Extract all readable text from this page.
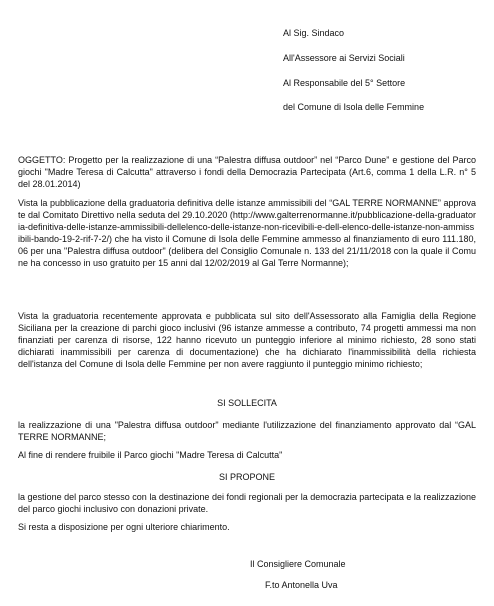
Al Sig. Sindaco
All'Assessore ai Servizi Sociali
Al Responsabile del 5° Settore
del Comune di Isola delle Femmine
OGGETTO: Progetto per la realizzazione di una “Palestra diffusa outdoor” nel “Parco Dune” e gestione del Parco giochi "Madre Teresa di Calcutta" attraverso i fondi della Democrazia Partecipata (Art.6, comma 1 della L.R. n° 5 del 28.01.2014)
Vista la pubblicazione della graduatoria definitiva delle istanze ammissibili del “GAL TERRE NORMANNE” approvate dal Comitato Direttivo nella seduta del 29.10.2020 (http://www.galterrenormanne.it/pubblicazione-della-graduatoria-definitiva-delle-istanze-ammissibili-dellelenco-delle-istanze-non-ricevibili-e-dell-elenco-delle-istanze-non-ammissibili-bando-19-2-rif-7-2/) che ha visto il Comune di Isola delle Femmine ammesso al finanziamento di euro 111.180,06 per una "Palestra diffusa outdoor" (delibera del Consiglio Comunale n. 133 del 21/11/2018 con la quale il Comune ha concesso in uso gratuito per 15 anni dal 12/02/2019 al Gal Terre Normanne);
Vista la graduatoria recentemente approvata e pubblicata sul sito dell'Assessorato alla Famiglia della Regione Siciliana per la creazione di parchi gioco inclusivi (96 istanze ammesse a contributo, 74 progetti ammessi ma non finanziati per carenza di risorse, 122 hanno ricevuto un punteggio inferiore al minimo richiesto, 28 sono stati dichiarati inammissibili per carenza di documentazione) che ha dichiarato l'inammissibilità della richiesta dell'istanza del Comune di Isola delle Femmine per non avere raggiunto il punteggio minimo richiesto;
SI SOLLECITA
la realizzazione di una "Palestra diffusa outdoor" mediante l'utilizzazione del finanziamento approvato dal “GAL TERRE NORMANNE;
Al fine di rendere fruibile il Parco giochi "Madre Teresa di Calcutta"
SI PROPONE
la gestione del parco stesso con la destinazione dei fondi regionali per la democrazia partecipata e la realizzazione del parco giochi inclusivo con donazioni private.
Si resta a disposizione per ogni ulteriore chiarimento.
Il Consigliere Comunale
F.to Antonella Uva
